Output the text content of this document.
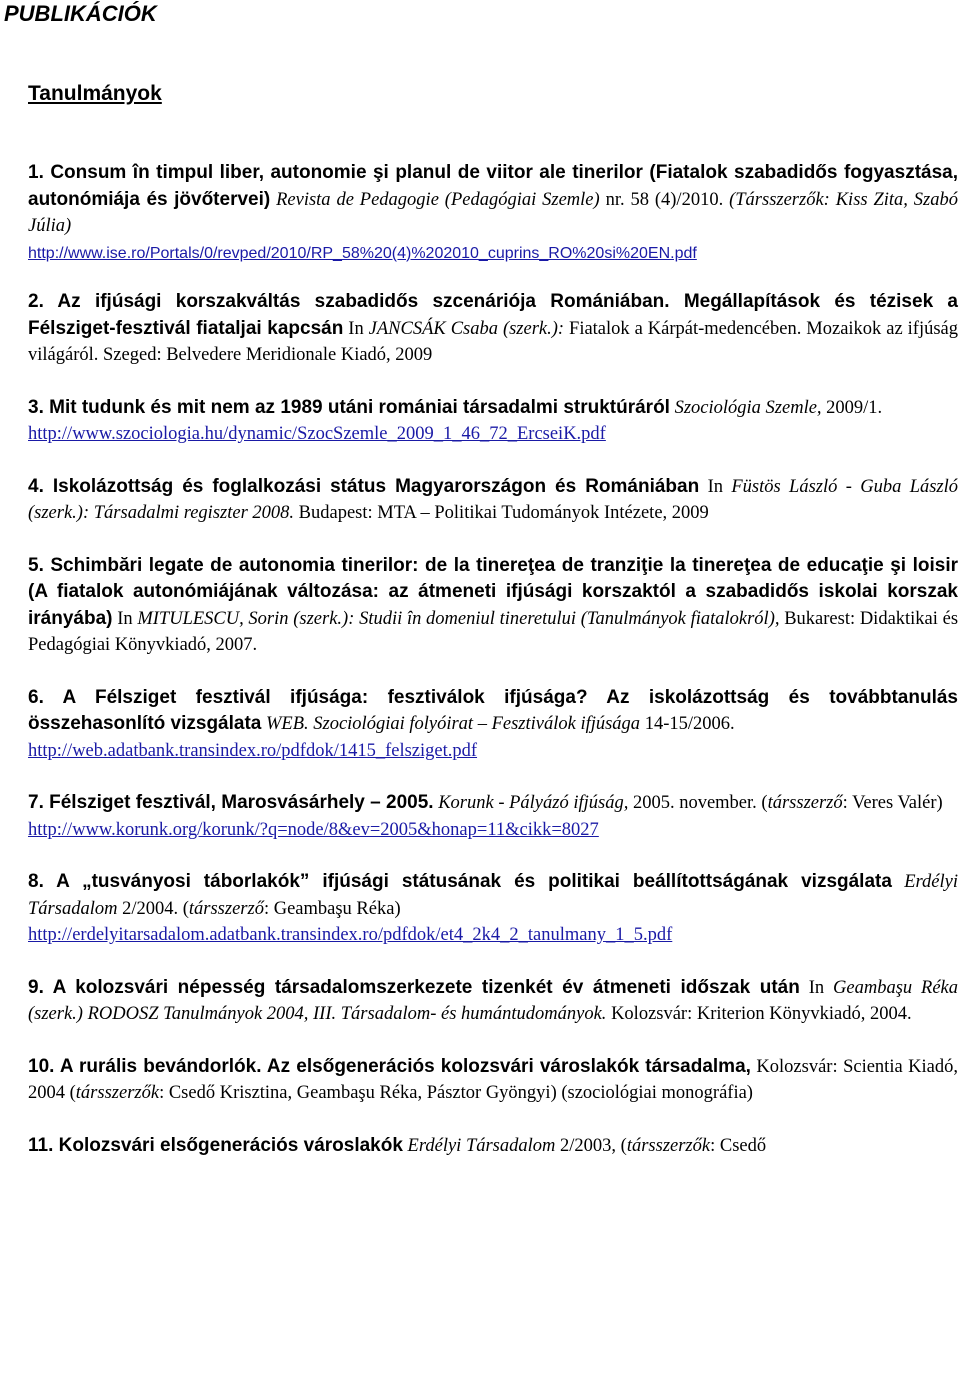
PUBLIKÁCIÓK
Tanulmányok

1. Consum în timpul liber, autonomie şi planul de viitor ale tinerilor (Fiatalok szabadidős fogyasztása, autonómiája és jövőtervei) Revista de Pedagogie (Pedagógiai Szemle) nr. 58 (4)/2010. (Társszerzők: Kiss Zita, Szabó Júlia)
http://www.ise.ro/Portals/0/revped/2010/RP_58%20(4)%202010_cuprins_RO%20si%20EN.pdf

2. Az ifjúsági korszakváltás szabadidős szcenáriója Romániában. Megállapítások és tézisek a Félsziget-fesztivál fiataljai kapcsán In JANCSÁK Csaba (szerk.): Fiatalok a Kárpát-medencében. Mozaikok az ifjúság világáról. Szeged: Belvedere Meridionale Kiadó, 2009

3. Mit tudunk és mit nem az 1989 utáni romániai társadalmi struktúráról Szociológia Szemle, 2009/1.
http://www.szociologia.hu/dynamic/SzocSzemle_2009_1_46_72_ErcseiK.pdf

4. Iskolázottság és foglalkozási státus Magyarországon és Romániában In Füstös László - Guba László (szerk.): Társadalmi regiszter 2008. Budapest: MTA – Politikai Tudományok Intézete, 2009

5. Schimbări legate de autonomia tinerilor: de la tinereţea de tranziţie la tinereţea de educaţie şi loisir (A fiatalok autonómiájának változása: az átmeneti ifjúsági korszaktól a szabadidős iskolai korszak irányába) In MITULESCU, Sorin (szerk.): Studii în domeniul tineretului (Tanulmányok fiatalokról), Bukarest: Didaktikai és Pedagógiai Könyvkiadó, 2007.

6. A Félsziget fesztivál ifjúsága: fesztiválok ifjúsága? Az iskolázottság és továbbtanulás összehasonlító vizsgálata WEB. Szociológiai folyóirat – Fesztiválok ifjúsága 14-15/2006.
http://web.adatbank.transindex.ro/pdfdok/1415_felsziget.pdf

7. Félsziget fesztivál, Marosvásárhely – 2005. Korunk - Pályázó ifjúság, 2005. november. (társszerző: Veres Valér)
http://www.korunk.org/korunk/?q=node/8&ev=2005&honap=11&cikk=8027

8. A „tusványosi táborlakók” ifjúsági státusának és politikai beállítottságának vizsgálata Erdélyi Társadalom 2/2004. (társszerző: Geambaşu Réka)
http://erdelyitarsadalom.adatbank.transindex.ro/pdfdok/et4_2k4_2_tanulmany_1_5.pdf

9. A kolozsvári népesség társadalomszerkezete tizenkét év átmeneti időszak után In Geambaşu Réka (szerk.) RODOSZ Tanulmányok 2004, III. Társadalom- és humántudományok. Kolozsvár: Kriterion Könyvkiadó, 2004.

10. A rurális bevándorlók. Az elsőgenerációs kolozsvári városlakók társadalma, Kolozsvár: Scientia Kiadó, 2004 (társszerzők: Csedő Krisztina, Geambaşu Réka, Pásztor Gyöngyi) (szociológiai monográfia)

11. Kolozsvári elsőgenerációs városlakók Erdélyi Társadalom 2/2003, (társszerzők: Csedő
